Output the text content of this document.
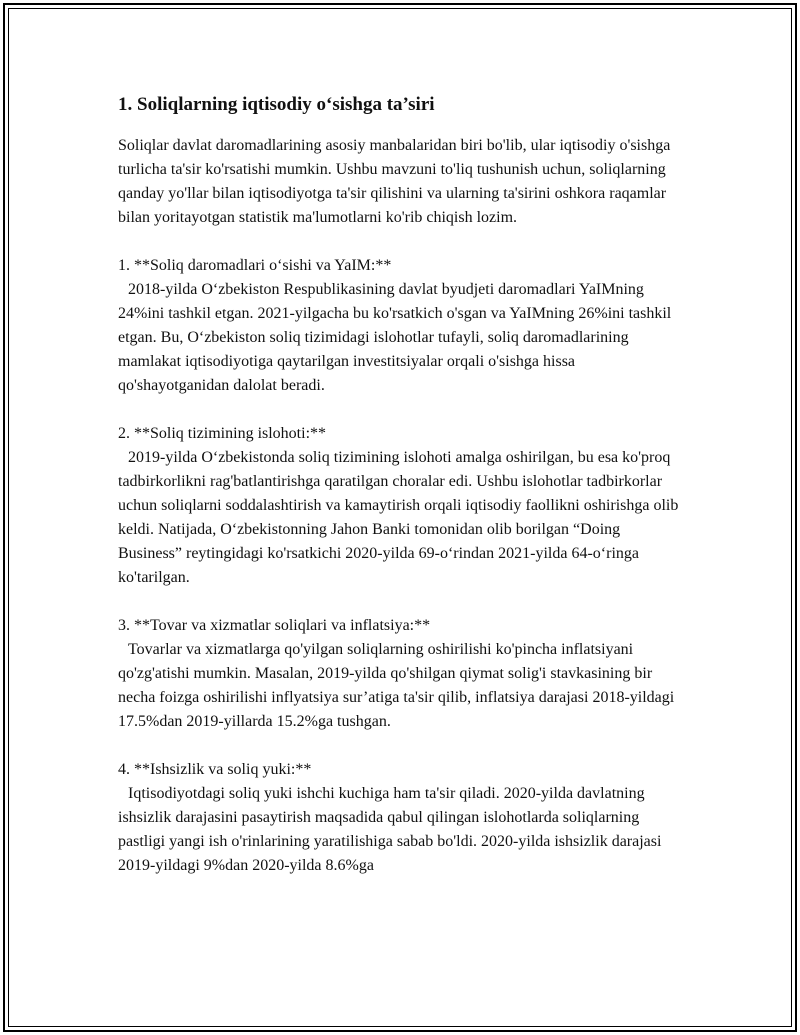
1. Soliqlarning iqtisodiy o‘sishga ta’siri

Soliqlar davlat daromadlarining asosiy manbalaridan biri bo'lib, ular iqtisodiy o'sishga turlicha ta'sir ko'rsatishi mumkin. Ushbu mavzuni to'liq tushunish uchun, soliqlarning qanday yo'llar bilan iqtisodiyotga ta'sir qilishini va ularning ta'sirini oshkora raqamlar bilan yoritayotgan statistik ma'lumotlarni ko'rib chiqish lozim.

1. **Soliq daromadlari o‘sishi va YaIM:**
2018-yilda O‘zbekiston Respublikasining davlat byudjeti daromadlari YaIMning 24%ini tashkil etgan. 2021-yilgacha bu ko'rsatkich o'sgan va YaIMning 26%ini tashkil etgan. Bu, O‘zbekiston soliq tizimidagi islohotlar tufayli, soliq daromadlarining mamlakat iqtisodiyotiga qaytarilgan investitsiyalar orqali o'sishga hissa qo'shayotganidan dalolat beradi.
2. **Soliq tizimining islohoti:**
2019-yilda O‘zbekistonda soliq tizimining islohoti amalga oshirilgan, bu esa ko'proq tadbirkorlikni rag'batlantirishga qaratilgan choralar edi. Ushbu islohotlar tadbirkorlar uchun soliqlarni soddalashtirish va kamaytirish orqali iqtisodiy faollikni oshirishga olib keldi. Natijada, O‘zbekistonning Jahon Banki tomonidan olib borilgan “Doing Business” reytingidagi ko'rsatkichi 2020-yilda 69-o‘rindan 2021-yilda 64-o‘ringa ko'tarilgan.
3. **Tovar va xizmatlar soliqlari va inflatsiya:**
Tovarlar va xizmatlarga qo'yilgan soliqlarning oshirilishi ko'pincha inflatsiyani qo'zg'atishi mumkin. Masalan, 2019-yilda qo'shilgan qiymat solig'i stavkasining bir necha foizga oshirilishi inflyatsiya sur’atiga ta'sir qilib, inflatsiya darajasi 2018-yildagi 17.5%dan 2019-yillarda 15.2%ga tushgan.
4. **Ishsizlik va soliq yuki:**
Iqtisodiyotdagi soliq yuki ishchi kuchiga ham ta'sir qiladi. 2020-yilda davlatning ishsizlik darajasini pasaytirish maqsadida qabul qilingan islohotlarda soliqlarning pastligi yangi ish o'rinlarining yaratilishiga sabab bo'ldi. 2020-yilda ishsizlik darajasi 2019-yildagi 9%dan 2020-yilda 8.6%ga
